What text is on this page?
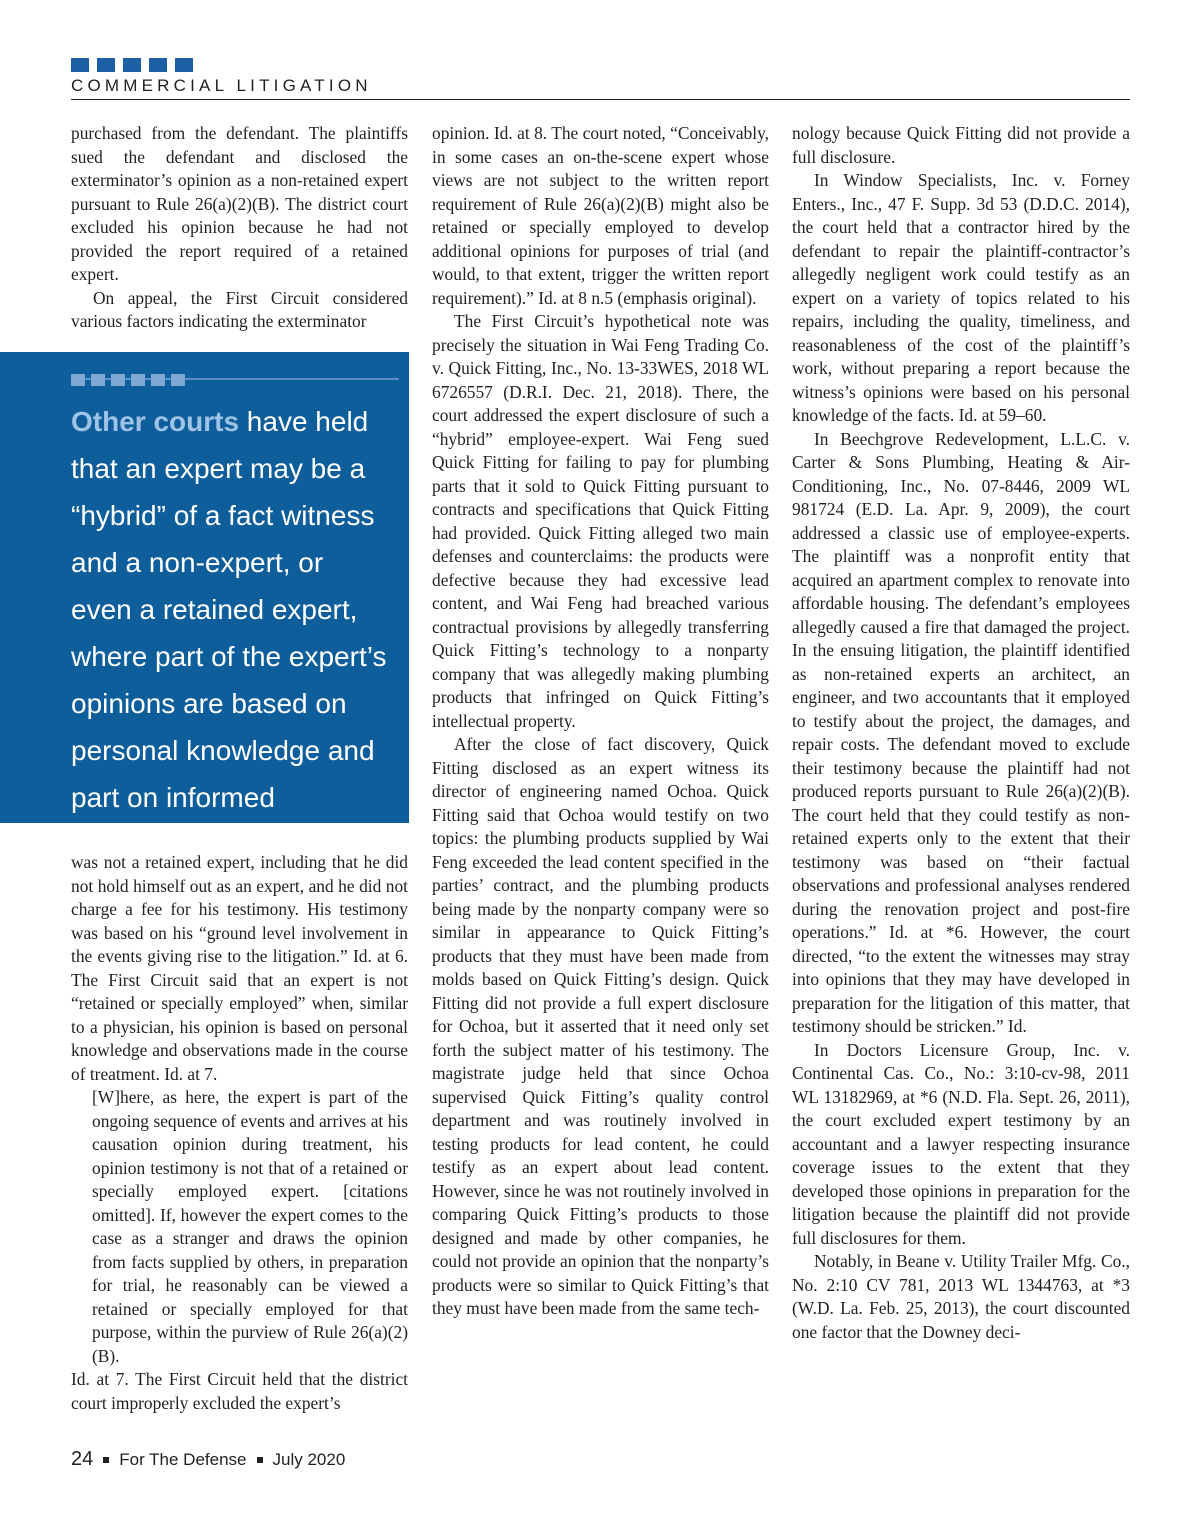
COMMERCIAL LITIGATION

purchased from the defendant. The plaintiffs sued the defendant and disclosed the exterminator’s opinion as a non-retained expert pursuant to Rule 26(a)(2)(B). The district court excluded his opinion because he had not provided the report required of a retained expert.

On appeal, the First Circuit considered various factors indicating the exterminator

Other courts have held that an expert may be a “hybrid” of a fact witness and a non-expert, or even a retained expert, where part of the expert’s opinions are based on personal knowledge and part on informed knowledge.

was not a retained expert, including that he did not hold himself out as an expert, and he did not charge a fee for his testimony. His testimony was based on his “ground level involvement in the events giving rise to the litigation.” Id. at 6. The First Circuit said that an expert is not “retained or specially employed” when, similar to a physician, his opinion is based on personal knowledge and observations made in the course of treatment. Id. at 7.

[W]here, as here, the expert is part of the ongoing sequence of events and arrives at his causation opinion during treatment, his opinion testimony is not that of a retained or specially employed expert. [citations omitted]. If, however the expert comes to the case as a stranger and draws the opinion from facts supplied by others, in preparation for trial, he reasonably can be viewed a retained or specially employed for that purpose, within the purview of Rule 26(a)(2)(B).

Id. at 7. The First Circuit held that the district court improperly excluded the expert’s

opinion. Id. at 8. The court noted, “Conceivably, in some cases an on-the-scene expert whose views are not subject to the written report requirement of Rule 26(a)(2)(B) might also be retained or specially employed to develop additional opinions for purposes of trial (and would, to that extent, trigger the written report requirement).” Id. at 8 n.5 (emphasis original).

The First Circuit’s hypothetical note was precisely the situation in Wai Feng Trading Co. v. Quick Fitting, Inc., No. 13-33WES, 2018 WL 6726557 (D.R.I. Dec. 21, 2018). There, the court addressed the expert disclosure of such a “hybrid” employee-expert. Wai Feng sued Quick Fitting for failing to pay for plumbing parts that it sold to Quick Fitting pursuant to contracts and specifications that Quick Fitting had provided. Quick Fitting alleged two main defenses and counterclaims: the products were defective because they had excessive lead content, and Wai Feng had breached various contractual provisions by allegedly transferring Quick Fitting’s technology to a nonparty company that was allegedly making plumbing products that infringed on Quick Fitting’s intellectual property.

After the close of fact discovery, Quick Fitting disclosed as an expert witness its director of engineering named Ochoa. Quick Fitting said that Ochoa would testify on two topics: the plumbing products supplied by Wai Feng exceeded the lead content specified in the parties’ contract, and the plumbing products being made by the nonparty company were so similar in appearance to Quick Fitting’s products that they must have been made from molds based on Quick Fitting’s design. Quick Fitting did not provide a full expert disclosure for Ochoa, but it asserted that it need only set forth the subject matter of his testimony. The magistrate judge held that since Ochoa supervised Quick Fitting’s quality control department and was routinely involved in testing products for lead content, he could testify as an expert about lead content. However, since he was not routinely involved in comparing Quick Fitting’s products to those designed and made by other companies, he could not provide an opinion that the nonparty’s products were so similar to Quick Fitting’s that they must have been made from the same tech-

nology because Quick Fitting did not provide a full disclosure.

In Window Specialists, Inc. v. Forney Enters., Inc., 47 F. Supp. 3d 53 (D.D.C. 2014), the court held that a contractor hired by the defendant to repair the plaintiff-contractor’s allegedly negligent work could testify as an expert on a variety of topics related to his repairs, including the quality, timeliness, and reasonableness of the cost of the plaintiff’s work, without preparing a report because the witness’s opinions were based on his personal knowledge of the facts. Id. at 59–60.

In Beechgrove Redevelopment, L.L.C. v. Carter & Sons Plumbing, Heating & Air-Conditioning, Inc., No. 07-8446, 2009 WL 981724 (E.D. La. Apr. 9, 2009), the court addressed a classic use of employee-experts. The plaintiff was a nonprofit entity that acquired an apartment complex to renovate into affordable housing. The defendant’s employees allegedly caused a fire that damaged the project. In the ensuing litigation, the plaintiff identified as non-retained experts an architect, an engineer, and two accountants that it employed to testify about the project, the damages, and repair costs. The defendant moved to exclude their testimony because the plaintiff had not produced reports pursuant to Rule 26(a)(2)(B). The court held that they could testify as non-retained experts only to the extent that their testimony was based on “their factual observations and professional analyses rendered during the renovation project and post-fire operations.” Id. at *6. However, the court directed, “to the extent the witnesses may stray into opinions that they may have developed in preparation for the litigation of this matter, that testimony should be stricken.” Id.

In Doctors Licensure Group, Inc. v. Continental Cas. Co., No.: 3:10-cv-98, 2011 WL 13182969, at *6 (N.D. Fla. Sept. 26, 2011), the court excluded expert testimony by an accountant and a lawyer respecting insurance coverage issues to the extent that they developed those opinions in preparation for the litigation because the plaintiff did not provide full disclosures for them.

Notably, in Beane v. Utility Trailer Mfg. Co., No. 2:10 CV 781, 2013 WL 1344763, at *3 (W.D. La. Feb. 25, 2013), the court discounted one factor that the Downey deci-

24 For The Defense July 2020
